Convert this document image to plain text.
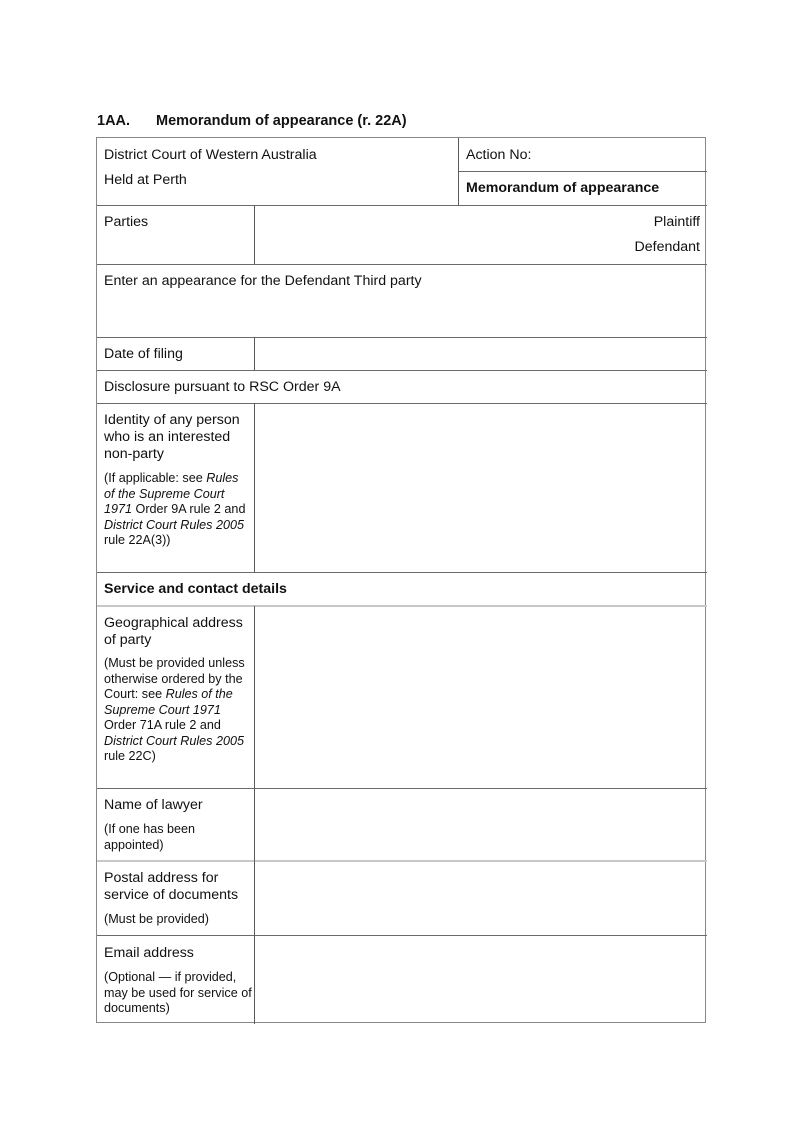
1AA. Memorandum of appearance (r. 22A)
District Court of Western Australia
Held at Perth
Action No:
Memorandum of appearance
Parties	Plaintiff
Defendant
Enter an appearance for the Defendant Third party
Date of filing
Disclosure pursuant to RSC Order 9A
Identity of any person who is an interested non-party
(If applicable: see Rules of the Supreme Court 1971 Order 9A rule 2 and District Court Rules 2005
rule 22A(3))
Service and contact details
Geographical address of party
(Must be provided unless otherwise ordered by the Court: see Rules of the Supreme Court 1971 Order 71A rule 2 and District Court Rules 2005 rule 22C)
Name of lawyer
(If one has been appointed)
Postal address for service of documents
(Must be provided)
Email address
(Optional — if provided, may be used for service of documents)
